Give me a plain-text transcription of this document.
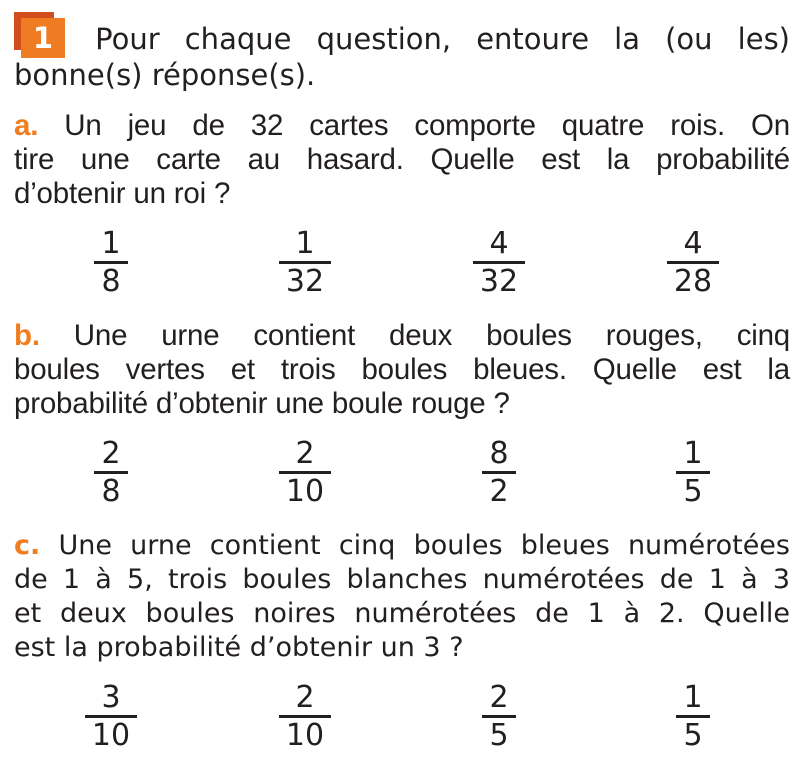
1 Pour chaque question, entoure la (ou les)
bonne(s) réponse(s).
a. Un jeu de 32 cartes comporte quatre rois. On
tire une carte au hasard. Quelle est la probabilité
d’obtenir un roi ?
$\frac{1}{8}$	$\frac{1}{32}$	$\frac{4}{32}$	$\frac{4}{28}$
b. Une urne contient deux boules rouges, cinq
boules vertes et trois boules bleues. Quelle est la
probabilité d’obtenir une boule rouge ?
$\frac{2}{8}$	$\frac{2}{10}$	$\frac{8}{2}$	$\frac{1}{5}$
c. Une urne contient cinq boules bleues numérotées
de 1 à 5, trois boules blanches numérotées de 1 à 3
et deux boules noires numérotées de 1 à 2. Quelle
est la probabilité d’obtenir un 3 ?
$\frac{3}{10}$	$\frac{2}{10}$	$\frac{2}{5}$	$\frac{1}{5}$
